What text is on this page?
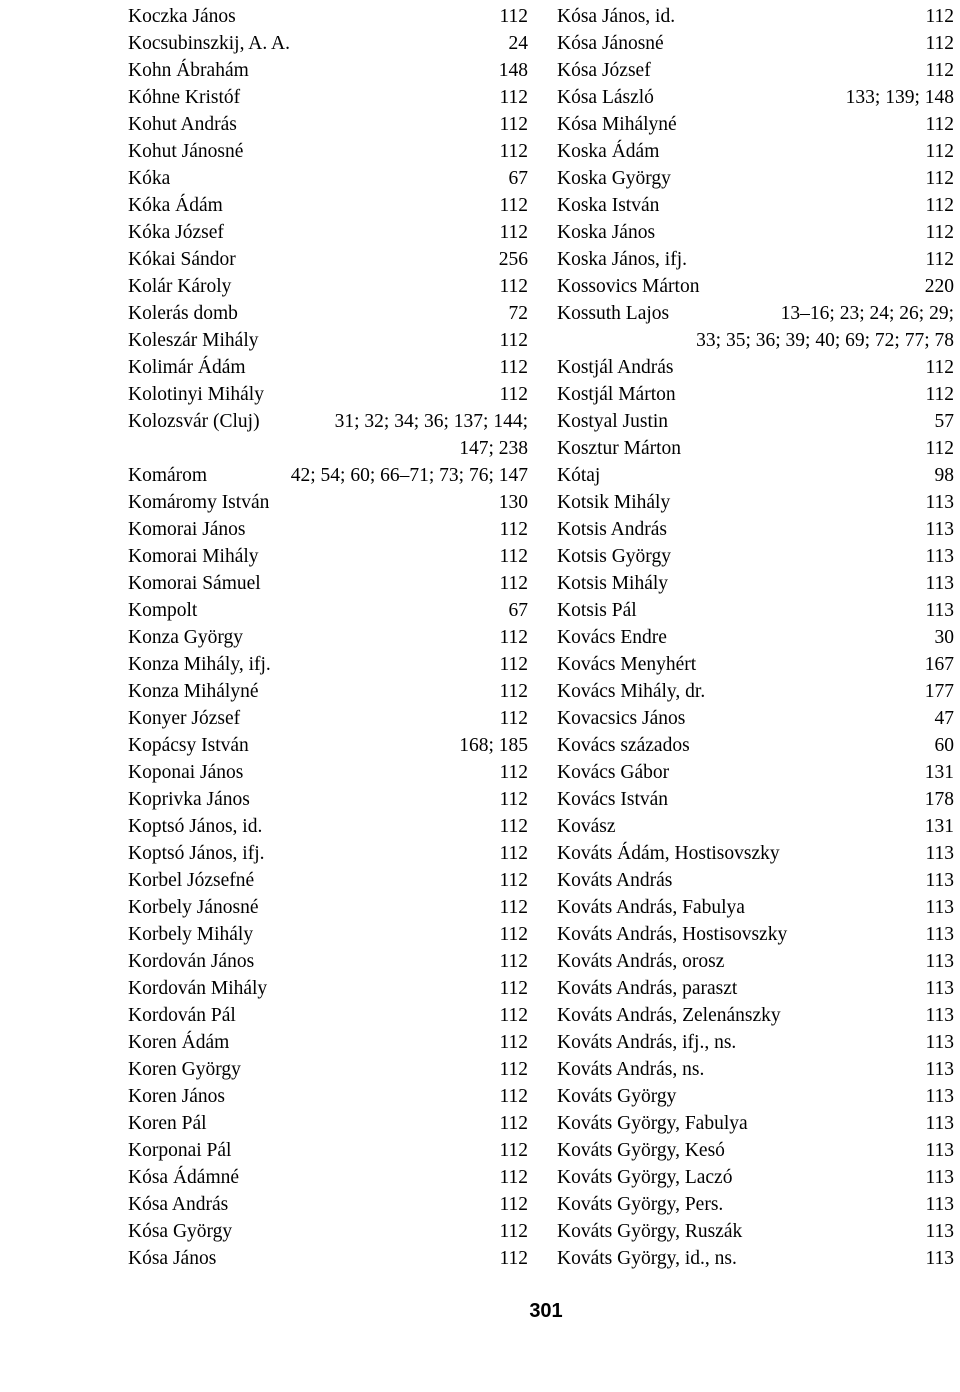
Koczka János	112
Kocsubinszkij, A. A.	24
Kohn Ábrahám	148
Kóhne Kristóf	112
Kohut András	112
Kohut Jánosné	112
Kóka	67
Kóka Ádám	112
Kóka József	112
Kókai Sándor	256
Kolár Károly	112
Kolerás domb	72
Koleszár Mihály	112
Kolimár Ádám	112
Kolotinyi Mihály	112
Kolozsvár (Cluj)	31; 32; 34; 36; 137; 144;
147; 238
Komárom	42; 54; 60; 66–71; 73; 76; 147
Komáromy István	130
Komorai János	112
Komorai Mihály	112
Komorai Sámuel	112
Kompolt	67
Konza György	112
Konza Mihály, ifj.	112
Konza Mihályné	112
Konyer József	112
Kopácsy István	168; 185
Koponai János	112
Koprivka János	112
Koptsó János, id.	112
Koptsó János, ifj.	112
Korbel Józsefné	112
Korbely Jánosné	112
Korbely Mihály	112
Kordován János	112
Kordován Mihály	112
Kordován Pál	112
Koren Ádám	112
Koren György	112
Koren János	112
Koren Pál	112
Korponai Pál	112
Kósa Ádámné	112
Kósa András	112
Kósa György	112
Kósa János	112
Kósa János, id.	112
Kósa Jánosné	112
Kósa József	112
Kósa László	133; 139; 148
Kósa Mihályné	112
Koska Ádám	112
Koska György	112
Koska István	112
Koska János	112
Koska János, ifj.	112
Kossovics Márton	220
Kossuth Lajos	13–16; 23; 24; 26; 29;
33; 35; 36; 39; 40; 69; 72; 77; 78
Kostjál András	112
Kostjál Márton	112
Kostyal Justin	57
Kosztur Márton	112
Kótaj	98
Kotsik Mihály	113
Kotsis András	113
Kotsis György	113
Kotsis Mihály	113
Kotsis Pál	113
Kovács Endre	30
Kovács Menyhért	167
Kovács Mihály, dr.	177
Kovacsics János	47
Kovács százados	60
Kovács Gábor	131
Kovács István	178
Kovász	131
Kováts Ádám, Hostisovszky	113
Kováts András	113
Kováts András, Fabulya	113
Kováts András, Hostisovszky	113
Kováts András, orosz	113
Kováts András, paraszt	113
Kováts András, Zelenánszky	113
Kováts András, ifj., ns.	113
Kováts András, ns.	113
Kováts György	113
Kováts György, Fabulya	113
Kováts György, Kesó	113
Kováts György, Laczó	113
Kováts György, Pers.	113
Kováts György, Ruszák	113
Kováts György, id., ns.	113
301
